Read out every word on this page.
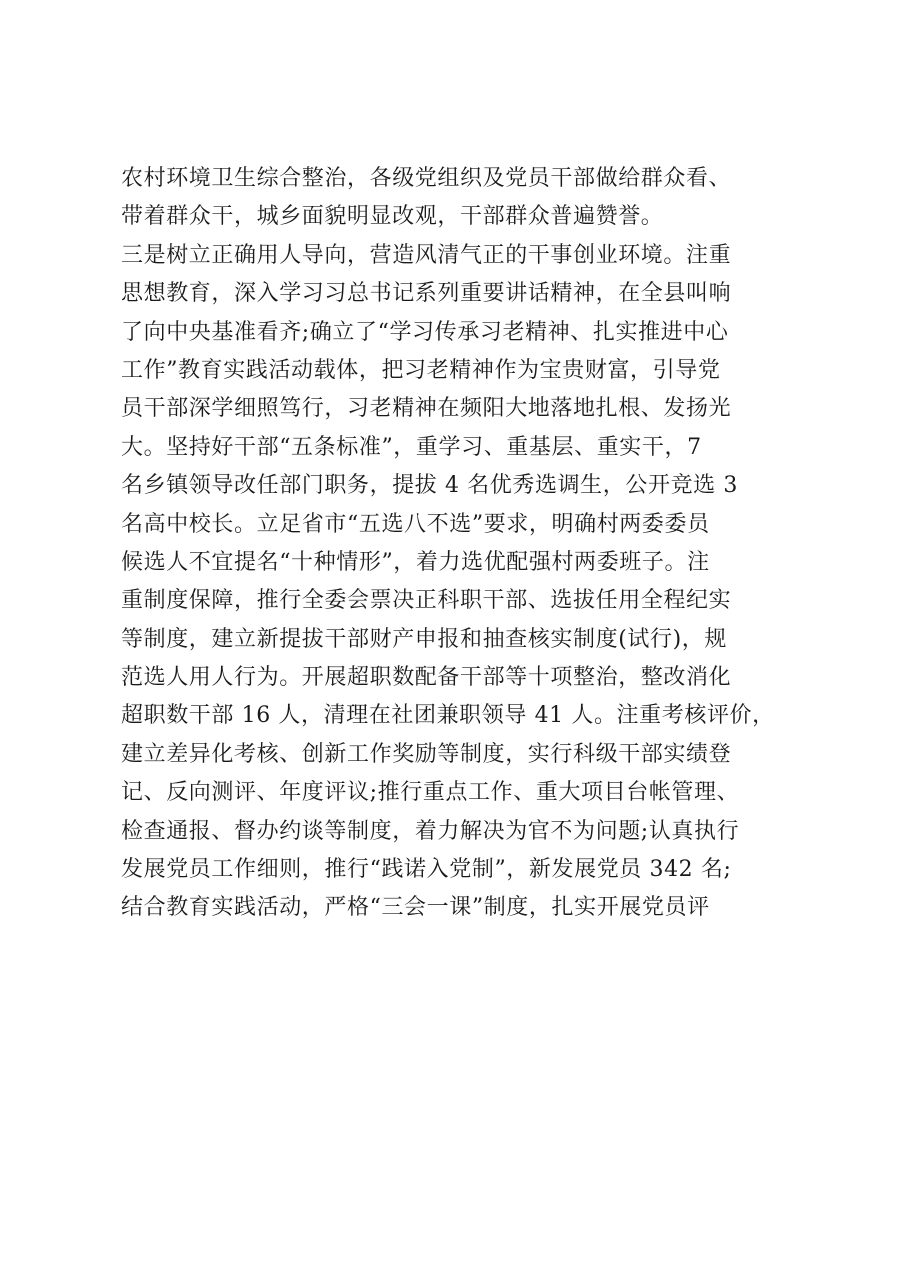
农村环境卫生综合整治，各级党组织及党员干部做给群众看、
带着群众干，城乡面貌明显改观，干部群众普遍赞誉。
三是树立正确用人导向，营造风清气正的干事创业环境。注重
思想教育，深入学习习总书记系列重要讲话精神，在全县叫响
了向中央基准看齐;确立了“学习传承习老精神、扎实推进中心
工作”教育实践活动载体，把习老精神作为宝贵财富，引导党
员干部深学细照笃行，习老精神在频阳大地落地扎根、发扬光
大。坚持好干部“五条标准”，重学习、重基层、重实干，7
名乡镇领导改任部门职务，提拔 4 名优秀选调生，公开竞选 3
名高中校长。立足省市“五选八不选”要求，明确村两委委员
候选人不宜提名“十种情形”，着力选优配强村两委班子。注
重制度保障，推行全委会票决正科职干部、选拔任用全程纪实
等制度，建立新提拔干部财产申报和抽查核实制度(试行)，规
范选人用人行为。开展超职数配备干部等十项整治，整改消化
超职数干部 16 人，清理在社团兼职领导 41 人。注重考核评价，
建立差异化考核、创新工作奖励等制度，实行科级干部实绩登
记、反向测评、年度评议;推行重点工作、重大项目台帐管理、
检查通报、督办约谈等制度，着力解决为官不为问题;认真执行
发展党员工作细则，推行“践诺入党制”，新发展党员 342 名;
结合教育实践活动，严格“三会一课”制度，扎实开展党员评
